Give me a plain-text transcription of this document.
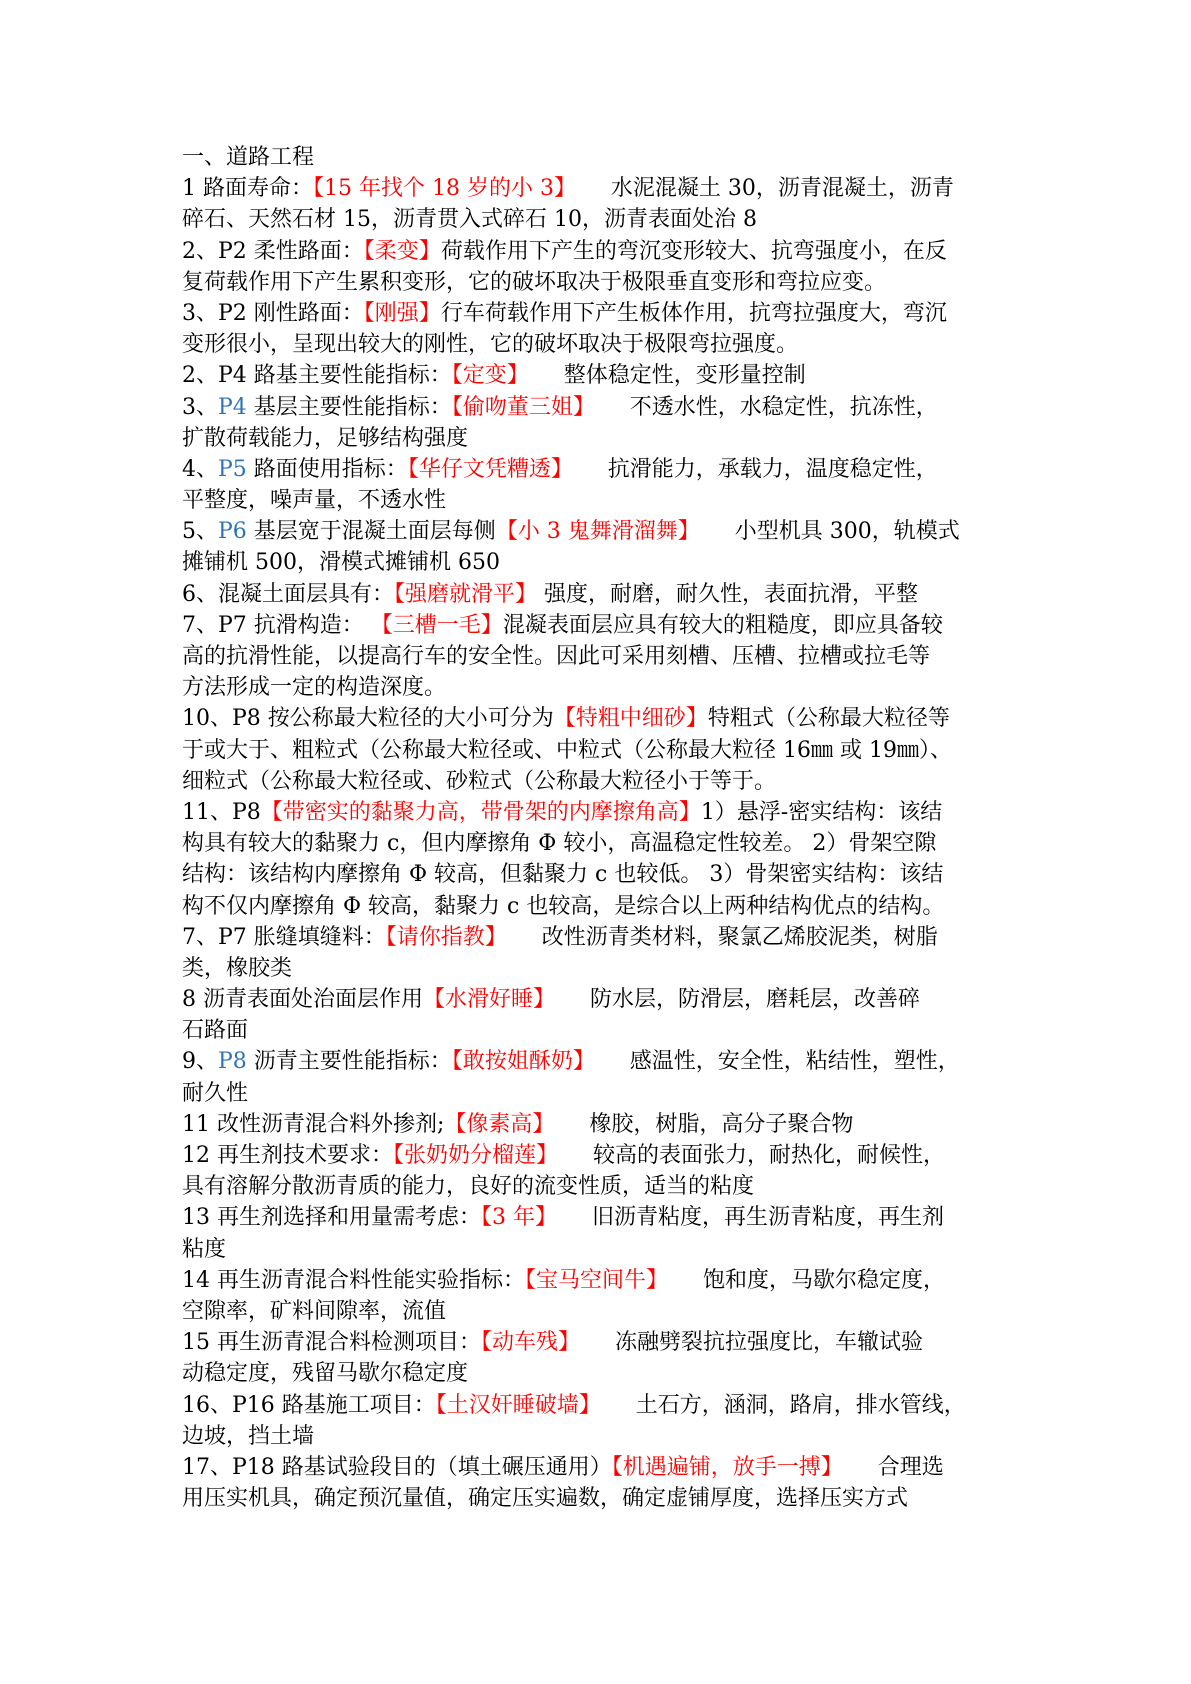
一、道路工程
1 路面寿命：【15 年找个 18 岁的小 3】     水泥混凝土 30，沥青混凝土，沥青
碎石、天然石材 15，沥青贯入式碎石 10，沥青表面处治 8
2、P2 柔性路面：【柔变】荷载作用下产生的弯沉变形较大、抗弯强度小，在反
复荷载作用下产生累积变形，它的破坏取决于极限垂直变形和弯拉应变。
3、P2 刚性路面：【刚强】行车荷载作用下产生板体作用，抗弯拉强度大，弯沉
变形很小，呈现出较大的刚性，它的破坏取决于极限弯拉强度。
2、P4 路基主要性能指标：【定变】     整体稳定性，变形量控制
3、P4 基层主要性能指标：【偷吻董三姐】     不透水性，水稳定性，抗冻性，
扩散荷载能力，足够结构强度
4、P5 路面使用指标：【华仔文凭糟透】     抗滑能力，承载力，温度稳定性，
平整度，噪声量，不透水性
5、P6 基层宽于混凝土面层每侧【小 3 鬼舞滑溜舞】     小型机具 300，轨模式
摊铺机 500，滑模式摊铺机 650
6、混凝土面层具有：【强磨就滑平】 强度，耐磨，耐久性，表面抗滑，平整
7、P7 抗滑构造： 【三槽一毛】混凝表面层应具有较大的粗糙度，即应具备较
高的抗滑性能，以提高行车的安全性。因此可采用刻槽、压槽、拉槽或拉毛等
方法形成一定的构造深度。
10、P8 按公称最大粒径的大小可分为【特粗中细砂】特粗式（公称最大粒径等
于或大于、粗粒式（公称最大粒径或、中粒式（公称最大粒径 16㎜ 或 19㎜）、
细粒式（公称最大粒径或、砂粒式（公称最大粒径小于等于。
11、P8【带密实的黏聚力高，带骨架的内摩擦角高】1）悬浮-密实结构：该结
构具有较大的黏聚力 c，但内摩擦角 Φ 较小，高温稳定性较差。 2）骨架空隙
结构：该结构内摩擦角 Φ 较高，但黏聚力 c 也较低。 3）骨架密实结构：该结
构不仅内摩擦角 Φ 较高，黏聚力 c 也较高，是综合以上两种结构优点的结构。
7、P7 胀缝填缝料：【请你指教】     改性沥青类材料，聚氯乙烯胶泥类，树脂
类，橡胶类
8 沥青表面处治面层作用【水滑好睡】     防水层，防滑层，磨耗层，改善碎
石路面
9、P8 沥青主要性能指标：【敢按姐酥奶】     感温性，安全性，粘结性，塑性，
耐久性
11 改性沥青混合料外掺剂;【像素高】     橡胶，树脂，高分子聚合物
12 再生剂技术要求：【张奶奶分榴莲】     较高的表面张力，耐热化，耐候性，
具有溶解分散沥青质的能力，良好的流变性质，适当的粘度
13 再生剂选择和用量需考虑：【3 年】     旧沥青粘度，再生沥青粘度，再生剂
粘度
14 再生沥青混合料性能实验指标：【宝马空间牛】     饱和度，马歇尔稳定度，
空隙率，矿料间隙率，流值
15 再生沥青混合料检测项目：【动车残】     冻融劈裂抗拉强度比，车辙试验
动稳定度，残留马歇尔稳定度
16、P16 路基施工项目：【土汉奸睡破墙】     土石方，涵洞，路肩，排水管线，
边坡，挡土墙
17、P18 路基试验段目的（填土碾压通用）【机遇遍铺，放手一搏】     合理选
用压实机具，确定预沉量值，确定压实遍数，确定虚铺厚度，选择压实方式
